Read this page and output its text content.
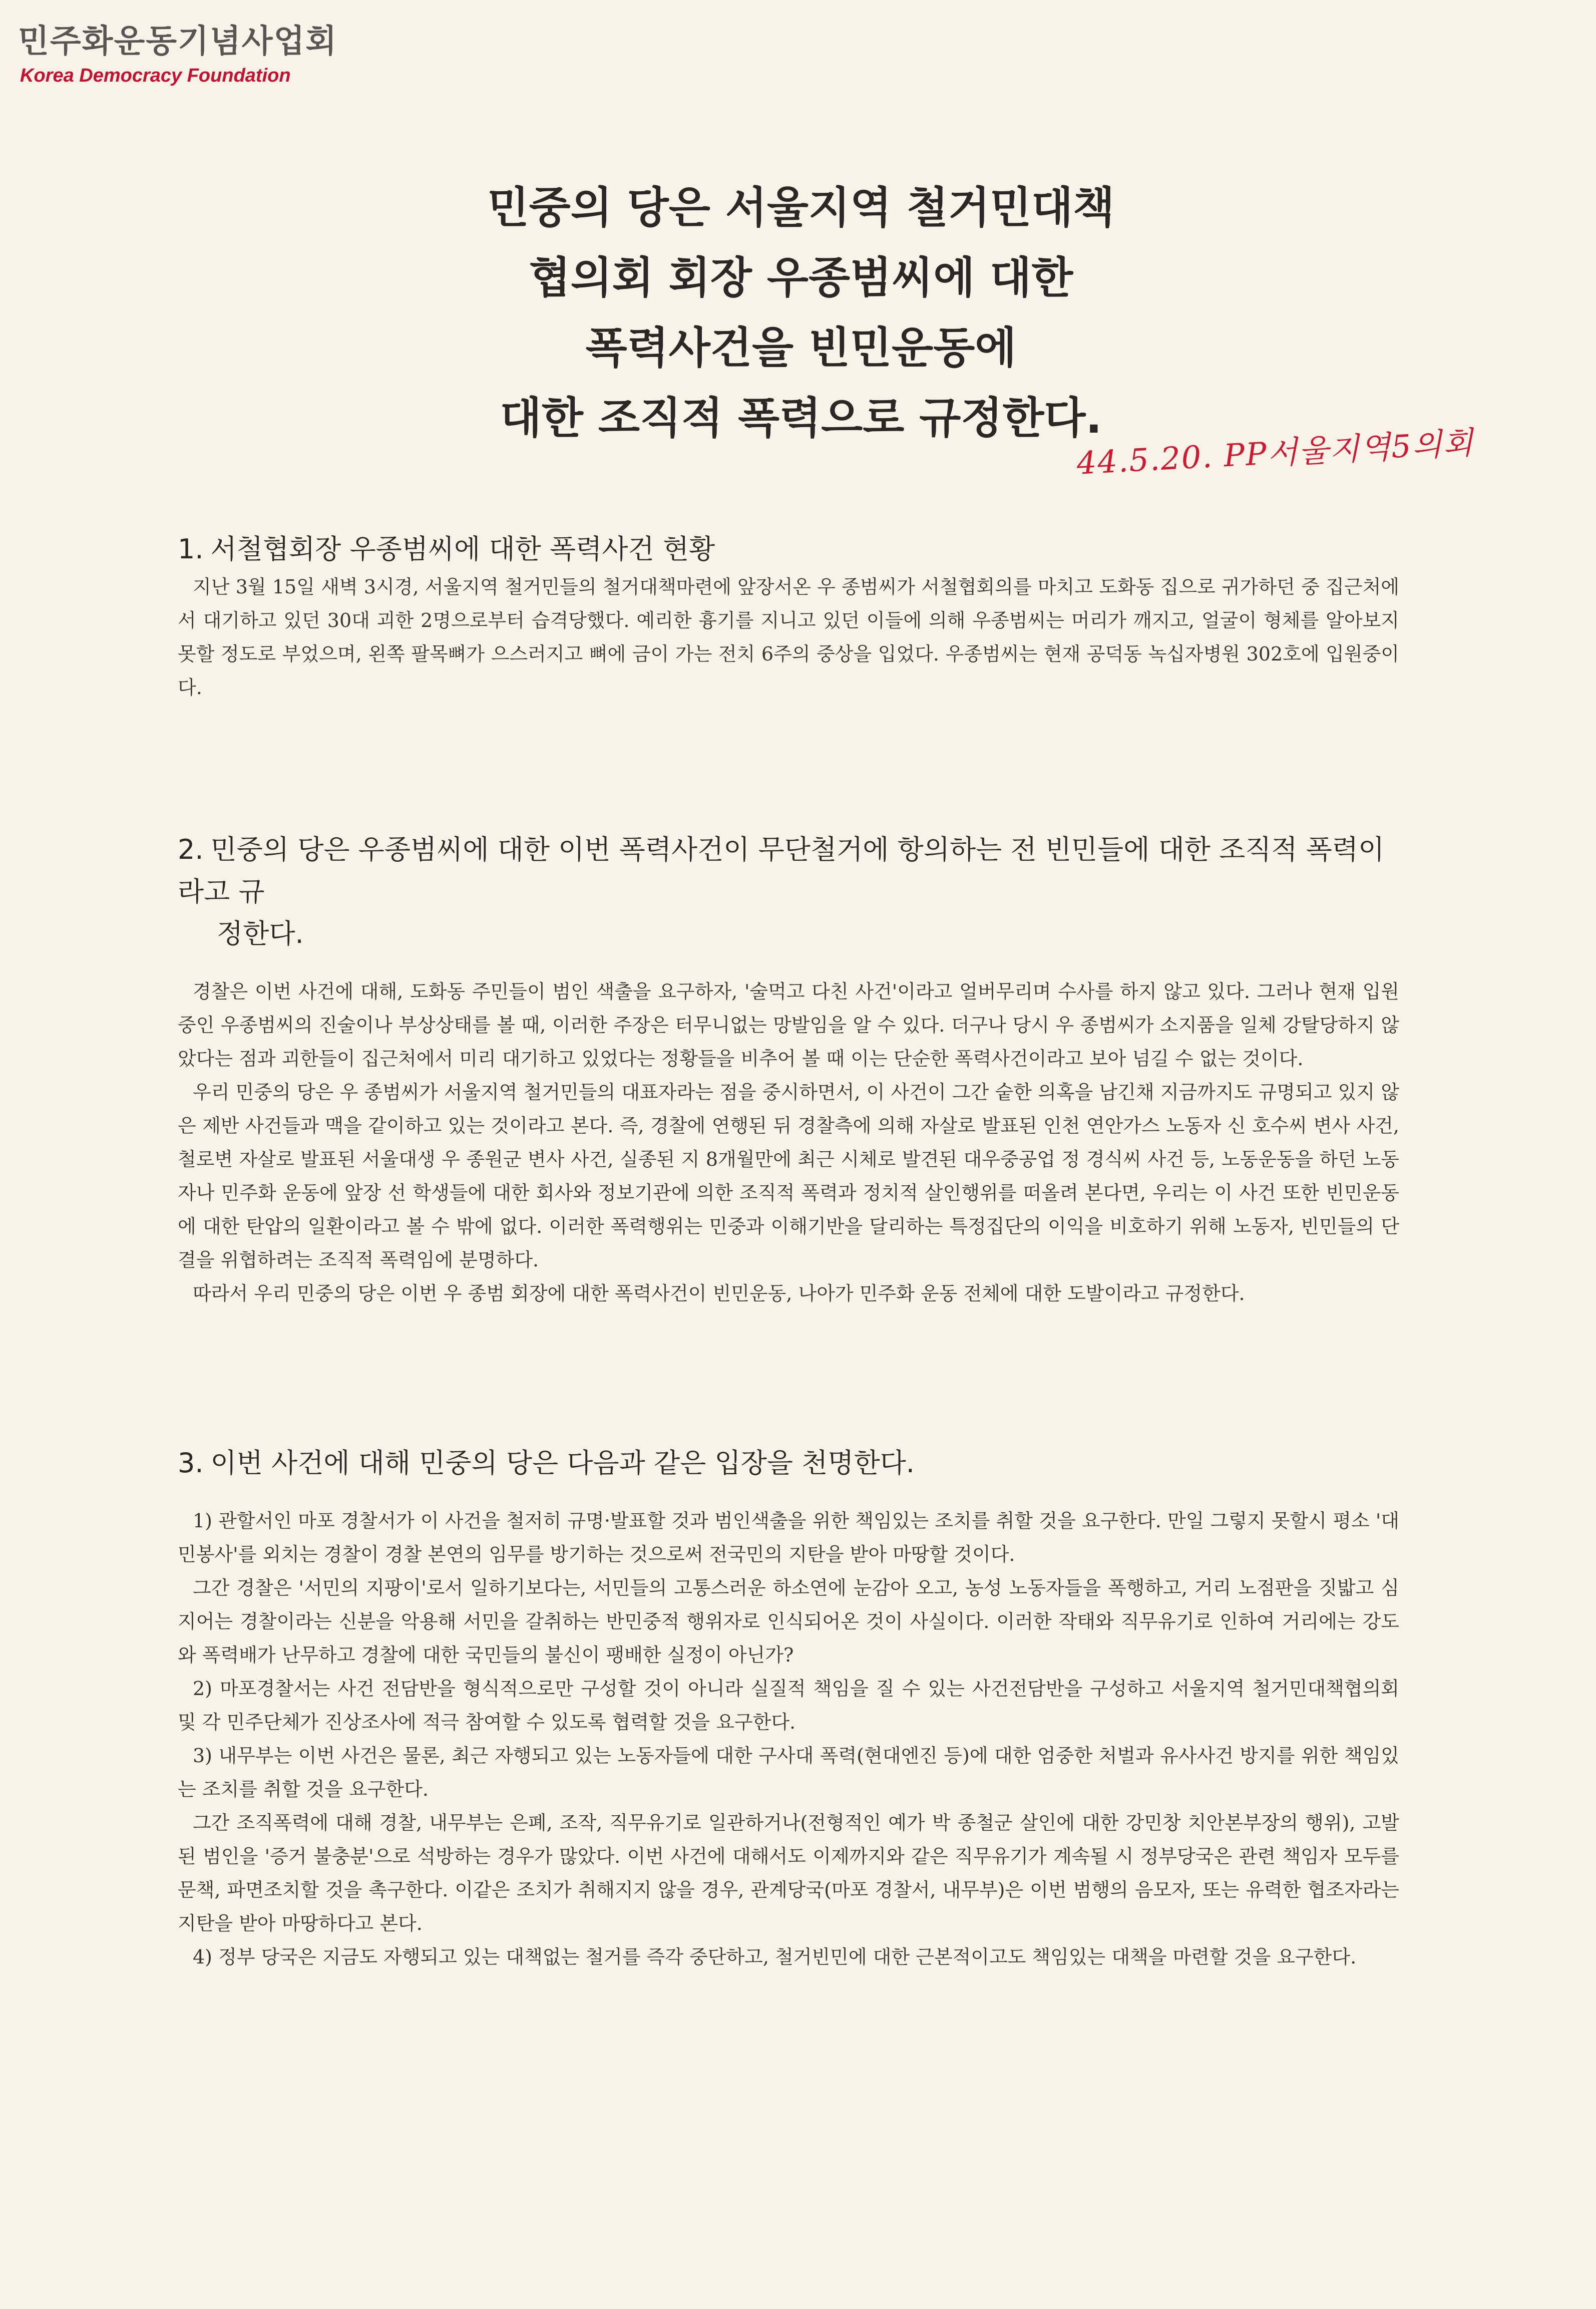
민주화운동기념사업회
Korea Democracy Foundation
민중의 당은 서울지역 철거민대책
협의회 회장 우종범씨에 대한
폭력사건을 빈민운동에
대한 조직적 폭력으로 규정한다.
44.5.20. PP서울지역5의회
1. 서철협회장 우종범씨에 대한 폭력사건 현황

지난 3월 15일 새벽 3시경, 서울지역 철거민들의 철거대책마련에 앞장서온 우 종범씨가 서철협회의를 마치고 도화동 집으로 귀가하던 중 집근처에서 대기하고 있던 30대 괴한 2명으로부터 습격당했다. 예리한 흉기를 지니고 있던 이들에 의해 우종범씨는 머리가 깨지고, 얼굴이 형체를 알아보지 못할 정도로 부었으며, 왼쪽 팔목뼈가 으스러지고 뼈에 금이 가는 전치 6주의 중상을 입었다. 우종범씨는 현재 공덕동 녹십자병원 302호에 입원중이다.

2. 민중의 당은 우종범씨에 대한 이번 폭력사건이 무단철거에 항의하는 전 빈민들에 대한 조직적 폭력이라고 규
정한다.

경찰은 이번 사건에 대해, 도화동 주민들이 범인 색출을 요구하자, '술먹고 다친 사건'이라고 얼버무리며 수사를 하지 않고 있다. 그러나 현재 입원중인 우종범씨의 진술이나 부상상태를 볼 때, 이러한 주장은 터무니없는 망발임을 알 수 있다. 더구나 당시 우 종범씨가 소지품을 일체 강탈당하지 않았다는 점과 괴한들이 집근처에서 미리 대기하고 있었다는 정황들을 비추어 볼 때 이는 단순한 폭력사건이라고 보아 넘길 수 없는 것이다.

우리 민중의 당은 우 종범씨가 서울지역 철거민들의 대표자라는 점을 중시하면서, 이 사건이 그간 숱한 의혹을 남긴채 지금까지도 규명되고 있지 않은 제반 사건들과 맥을 같이하고 있는 것이라고 본다. 즉, 경찰에 연행된 뒤 경찰측에 의해 자살로 발표된 인천 연안가스 노동자 신 호수씨 변사 사건, 철로변 자살로 발표된 서울대생 우 종원군 변사 사건, 실종된 지 8개월만에 최근 시체로 발견된 대우중공업 정 경식씨 사건 등, 노동운동을 하던 노동자나 민주화 운동에 앞장 선 학생들에 대한 회사와 정보기관에 의한 조직적 폭력과 정치적 살인행위를 떠올려 본다면, 우리는 이 사건 또한 빈민운동에 대한 탄압의 일환이라고 볼 수 밖에 없다. 이러한 폭력행위는 민중과 이해기반을 달리하는 특정집단의 이익을 비호하기 위해 노동자, 빈민들의 단결을 위협하려는 조직적 폭력임에 분명하다.

따라서 우리 민중의 당은 이번 우 종범 회장에 대한 폭력사건이 빈민운동, 나아가 민주화 운동 전체에 대한 도발이라고 규정한다.

3. 이번 사건에 대해 민중의 당은 다음과 같은 입장을 천명한다.

1) 관할서인 마포 경찰서가 이 사건을 철저히 규명·발표할 것과 범인색출을 위한 책임있는 조치를 취할 것을 요구한다. 만일 그렇지 못할시 평소 '대민봉사'를 외치는 경찰이 경찰 본연의 임무를 방기하는 것으로써 전국민의 지탄을 받아 마땅할 것이다.

그간 경찰은 '서민의 지팡이'로서 일하기보다는, 서민들의 고통스러운 하소연에 눈감아 오고, 농성 노동자들을 폭행하고, 거리 노점판을 짓밟고 심지어는 경찰이라는 신분을 악용해 서민을 갈취하는 반민중적 행위자로 인식되어온 것이 사실이다. 이러한 작태와 직무유기로 인하여 거리에는 강도와 폭력배가 난무하고 경찰에 대한 국민들의 불신이 팽배한 실정이 아닌가?

2) 마포경찰서는 사건 전담반을 형식적으로만 구성할 것이 아니라 실질적 책임을 질 수 있는 사건전담반을 구성하고 서울지역 철거민대책협의회 및 각 민주단체가 진상조사에 적극 참여할 수 있도록 협력할 것을 요구한다.

3) 내무부는 이번 사건은 물론, 최근 자행되고 있는 노동자들에 대한 구사대 폭력(현대엔진 등)에 대한 엄중한 처벌과 유사사건 방지를 위한 책임있는 조치를 취할 것을 요구한다.

그간 조직폭력에 대해 경찰, 내무부는 은폐, 조작, 직무유기로 일관하거나(전형적인 예가 박 종철군 살인에 대한 강민창 치안본부장의 행위), 고발된 범인을 '증거 불충분'으로 석방하는 경우가 많았다. 이번 사건에 대해서도 이제까지와 같은 직무유기가 계속될 시 정부당국은 관련 책임자 모두를 문책, 파면조치할 것을 촉구한다. 이같은 조치가 취해지지 않을 경우, 관계당국(마포 경찰서, 내무부)은 이번 범행의 음모자, 또는 유력한 협조자라는 지탄을 받아 마땅하다고 본다.

4) 정부 당국은 지금도 자행되고 있는 대책없는 철거를 즉각 중단하고, 철거빈민에 대한 근본적이고도 책임있는 대책을 마련할 것을 요구한다.
